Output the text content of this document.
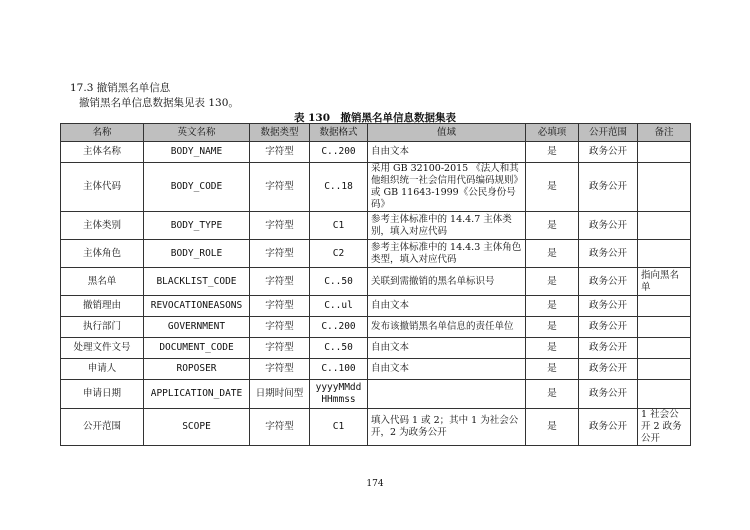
17.3 撤销黑名单信息
撤销黑名单信息数据集见表 130。
表 130　撤销黑名单信息数据集表
名称	英文名称	数据类型	数据格式	值域	必填项	公开范围	备注
主体名称	BODY_NAME	字符型	C..200	自由文本	是	政务公开	
主体代码	BODY_CODE	字符型	C..18	采用 GB 32100-2015 《法人和其他组织统一社会信用代码编码规则》或 GB 11643-1999《公民身份号码》	是	政务公开	
主体类别	BODY_TYPE	字符型	C1	参考主体标准中的 14.4.7 主体类别，填入对应代码	是	政务公开	
主体角色	BODY_ROLE	字符型	C2	参考主体标准中的 14.4.3 主体角色类型，填入对应代码	是	政务公开	
黑名单	BLACKLIST_CODE	字符型	C..50	关联到需撤销的黑名单标识号	是	政务公开	指向黑名单
撤销理由	REVOCATIONEASONS	字符型	C..ul	自由文本	是	政务公开	
执行部门	GOVERNMENT	字符型	C..200	发布该撤销黑名单信息的责任单位	是	政务公开	
处理文件文号	DOCUMENT_CODE	字符型	C..50	自由文本	是	政务公开	
申请人	ROPOSER	字符型	C..100	自由文本	是	政务公开	
申请日期	APPLICATION_DATE	日期时间型	yyyyMMddHHmmss		是	政务公开	
公开范围	SCOPE	字符型	C1	填入代码 1 或 2；其中 1 为社会公开，2 为政务公开	是	政务公开	1 社会公开 2 政务公开
174
